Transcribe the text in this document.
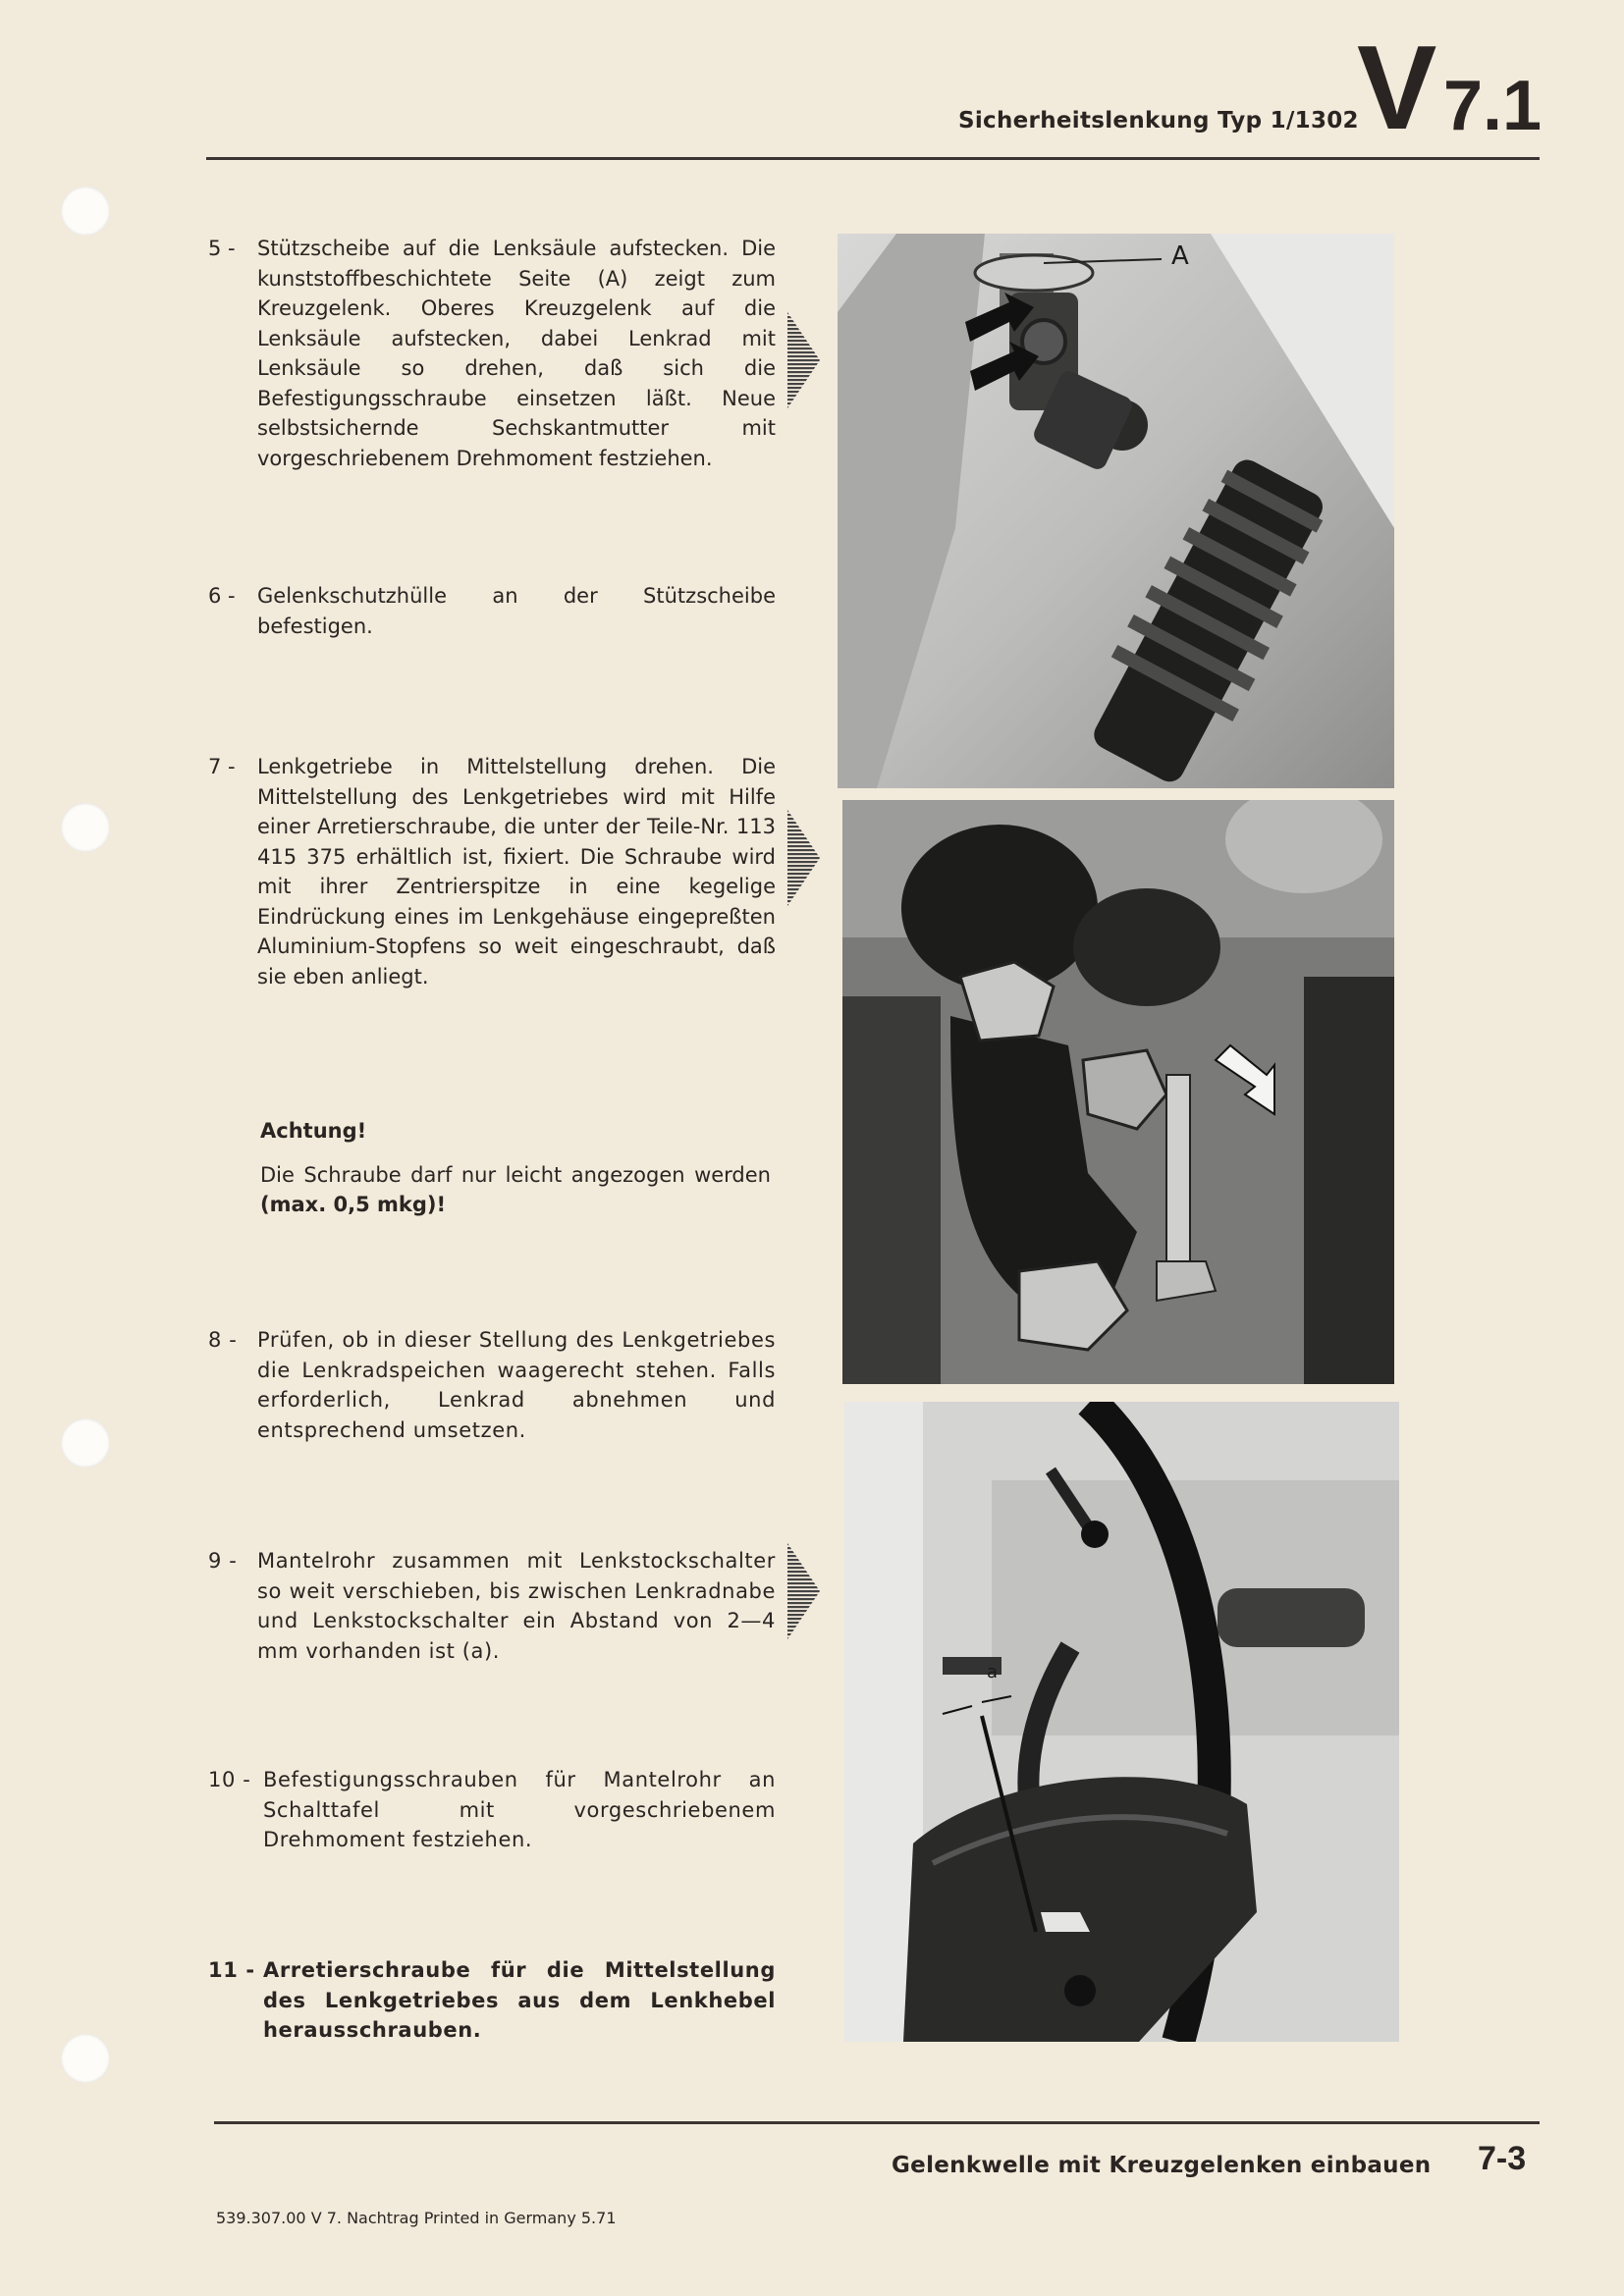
Sicherheitslenkung Typ 1/1302
V 7.1
5 - Stützscheibe auf die Lenksäule aufstecken. Die kunststoffbeschichtete Seite (A) zeigt zum Kreuzgelenk. Oberes Kreuzgelenk auf die Lenksäule aufstecken, dabei Lenkrad mit Lenksäule so drehen, daß sich die Befestigungsschraube einsetzen läßt. Neue selbstsichernde Sechskantmutter mit vorgeschriebenem Drehmoment festziehen.
6 - Gelenkschutzhülle an der Stützscheibe befestigen.
7 - Lenkgetriebe in Mittelstellung drehen. Die Mittelstellung des Lenkgetriebes wird mit Hilfe einer Arretierschraube, die unter der Teile-Nr. 113 415 375 erhältlich ist, fixiert. Die Schraube wird mit ihrer Zentrierspitze in eine kegelige Eindrückung eines im Lenkgehäuse eingepreßten Aluminium-Stopfens so weit eingeschraubt, daß sie eben anliegt.
Achtung!
Die Schraube darf nur leicht angezogen werden (max. 0,5 mkg)!
8 - Prüfen, ob in dieser Stellung des Lenkgetriebes die Lenkradspeichen waagerecht stehen. Falls erforderlich, Lenkrad abnehmen und entsprechend umsetzen.
9 - Mantelrohr zusammen mit Lenkstockschalter so weit verschieben, bis zwischen Lenkradnabe und Lenkstockschalter ein Abstand von 2—4 mm vorhanden ist (a).
10 - Befestigungsschrauben für Mantelrohr an Schalttafel mit vorgeschriebenem Drehmoment festziehen.
11 - Arretierschraube für die Mittelstellung des Lenkgetriebes aus dem Lenkhebel herausschrauben.
A
a
Gelenkwelle mit Kreuzgelenken einbauen 7-3
539.307.00 V 7. Nachtrag Printed in Germany 5.71
